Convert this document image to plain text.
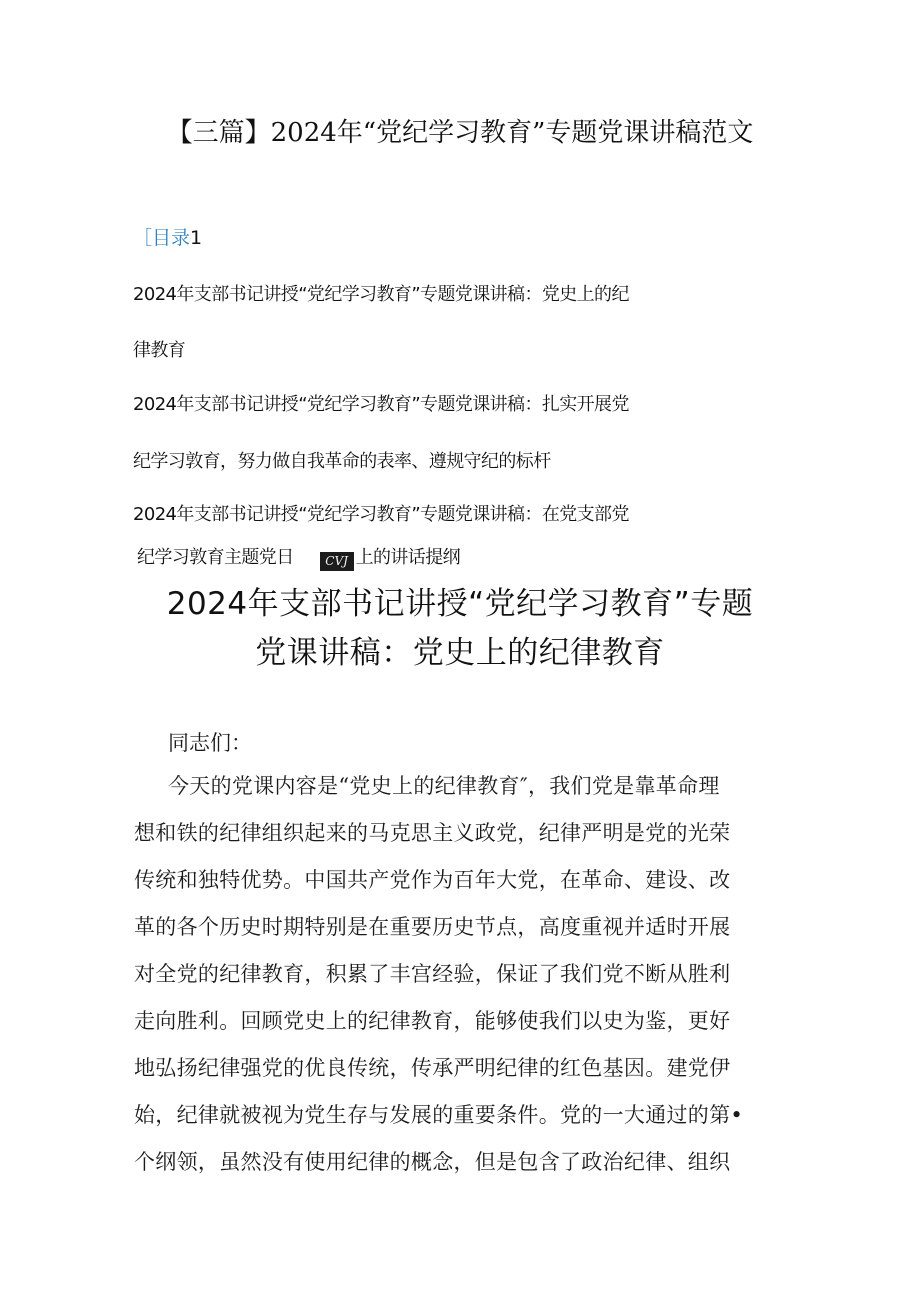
【三篇】2024年“党纪学习教育”专题党课讲稿范文
［目录1
2024年支部书记讲授“党纪学习教育”专题党课讲稿：党史上的纪
律教育
2024年支部书记讲授“党纪学习教育”专题党课讲稿：扎实开展党
纪学习敦育，努力做自我革命的表率、遵规守纪的标杆
2024年支部书记讲授“党纪学习教育”专题党课讲稿：在党支部党
纪学习敦育主题党日	CVJ 上的讲话提纲
2024年支部书记讲授“党纪学习教育”专题
党课讲稿：党史上的纪律教育
同志们：
今天的党课内容是“党史上的纪律教育″，我们党是靠革命理
想和铁的纪律组织起来的马克思主义政党，纪律严明是党的光荣
传统和独特优势。中国共产党作为百年大党，在革命、建设、改
革的各个历史时期特别是在重要历史节点，高度重视并适时开展
对全党的纪律教育，积累了丰宫经验，保证了我们党不断从胜利
走向胜利。回顾党史上的纪律教育，能够使我们以史为鉴，更好
地弘扬纪律强党的优良传统，传承严明纪律的红色基因。建党伊
始，纪律就被视为党生存与发展的重要条件。党的一大通过的第•
个纲领，虽然没有使用纪律的概念，但是包含了政治纪律、组织
